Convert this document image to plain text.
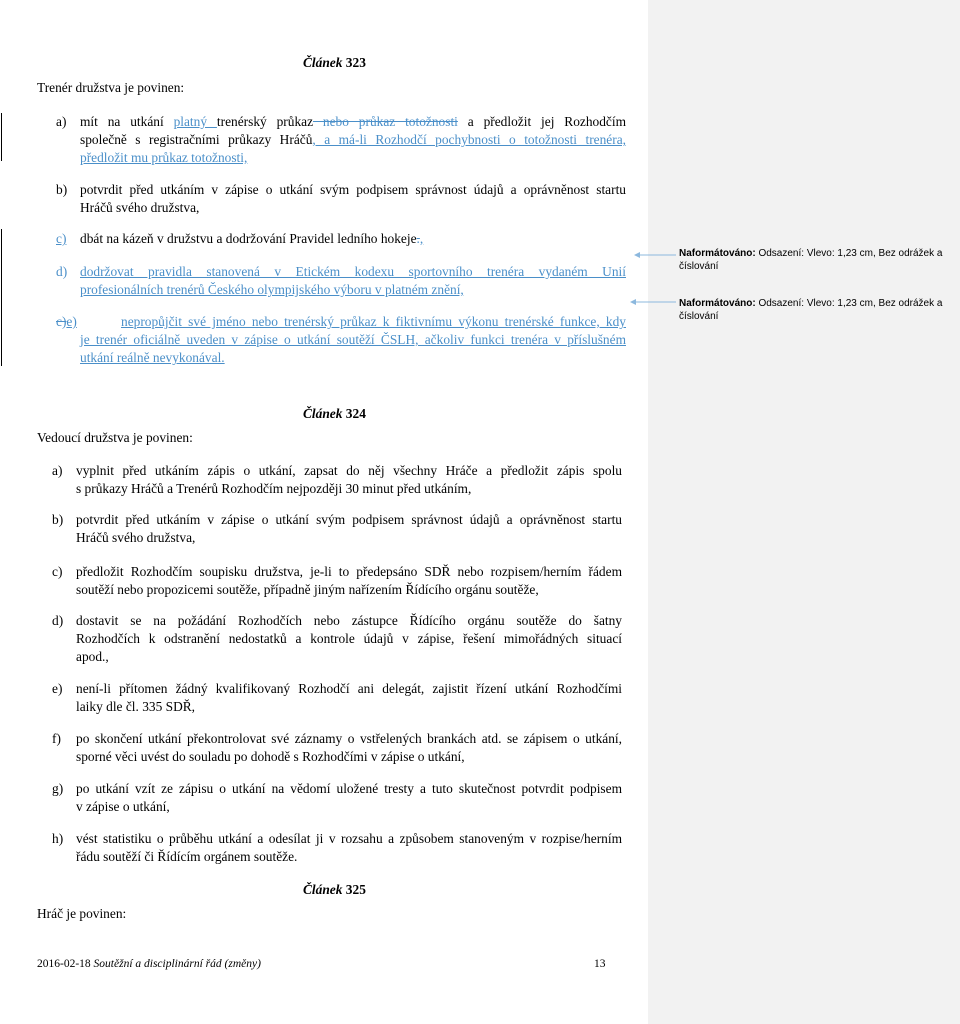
Článek 323
Trenér družstva je povinen:
a) mít na utkání platný trenérský průkaz nebo průkaz totožnosti a předložit jej Rozhodčím
společně s registračními průkazy Hráčů, a má-li Rozhodčí pochybnosti o totožnosti trenéra,
předložit mu průkaz totožnosti,
b) potvrdit před utkáním v zápise o utkání svým podpisem správnost údajů a oprávněnost startu
Hráčů svého družstva,
c) dbát na kázeň v družstvu a dodržování Pravidel ledního hokeje.,
d) dodržovat pravidla stanovená v Etickém kodexu sportovního trenéra vydaném Unií
profesionálních trenérů Českého olympijského výboru v platném znění,
c)e)	nepropůjčit své jméno nebo trenérský průkaz k fiktivnímu výkonu trenérské funkce, kdy
je trenér oficiálně uveden v zápise o utkání soutěží ČSLH, ačkoliv funkci trenéra v příslušném
utkání reálně nevykonával.
Článek 324
Vedoucí družstva je povinen:
a) vyplnit před utkáním zápis o utkání, zapsat do něj všechny Hráče a předložit zápis spolu
s průkazy Hráčů a Trenérů Rozhodčím nejpozději 30 minut před utkáním,
b) potvrdit před utkáním v zápise o utkání svým podpisem správnost údajů a oprávněnost startu
Hráčů svého družstva,
c) předložit Rozhodčím soupisku družstva, je-li to předepsáno SDŘ nebo rozpisem/herním řádem
soutěží nebo propozicemi soutěže, případně jiným nařízením Řídícího orgánu soutěže,
d) dostavit se na požádání Rozhodčích nebo zástupce Řídícího orgánu soutěže do šatny
Rozhodčích k odstranění nedostatků a kontrole údajů v zápise, řešení mimořádných situací
apod.,
e) není-li přítomen žádný kvalifikovaný Rozhodčí ani delegát, zajistit řízení utkání Rozhodčími
laiky dle čl. 335 SDŘ,
f) po skončení utkání překontrolovat své záznamy o vstřelených brankách atd. se zápisem o utkání,
sporné věci uvést do souladu po dohodě s Rozhodčími v zápise o utkání,
g) po utkání vzít ze zápisu o utkání na vědomí uložené tresty a tuto skutečnost potvrdit podpisem
v zápise o utkání,
h) vést statistiku o průběhu utkání a odesílat ji v rozsahu a způsobem stanoveným v rozpise/herním
řádu soutěží či Řídícím orgánem soutěže.
Článek 325
Hráč je povinen:
2016-02-18 Soutěžní a disciplinární řád (změny)	13
Naformátováno: Odsazení: Vlevo: 1,23 cm, Bez odrážek a číslování
Naformátováno: Odsazení: Vlevo: 1,23 cm, Bez odrážek a číslování
